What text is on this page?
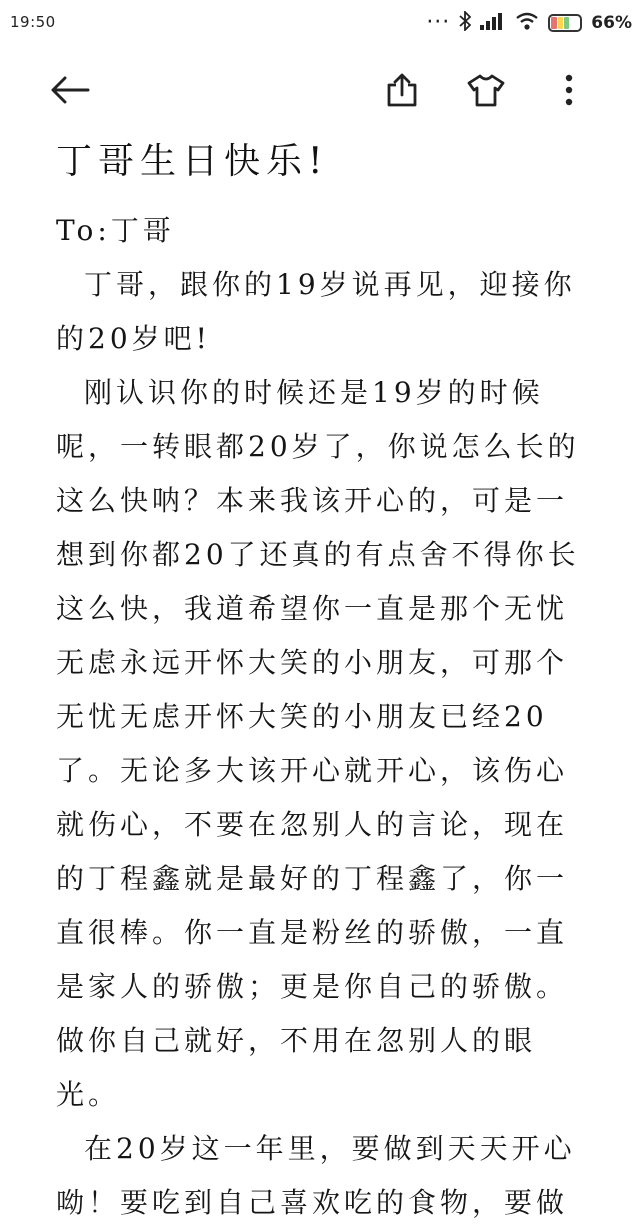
19:50	···	66%
丁哥生日快乐!

To:丁哥

丁哥，跟你的19岁说再见，迎接你的20岁吧!

刚认识你的时候还是19岁的时候呢，一转眼都20岁了，你说怎么长的这么快呐？本来我该开心的，可是一想到你都20了还真的有点舍不得你长这么快，我道希望你一直是那个无忧无虑永远开怀大笑的小朋友，可那个无忧无虑开怀大笑的小朋友已经20了。无论多大该开心就开心，该伤心就伤心，不要在忽别人的言论，现在的丁程鑫就是最好的丁程鑫了，你一直很棒。你一直是粉丝的骄傲，一直是家人的骄傲；更是你自己的骄傲。做你自己就好，不用在忽别人的眼光。

在20岁这一年里，要做到天天开心呦！要吃到自己喜欢吃的食物，要做
